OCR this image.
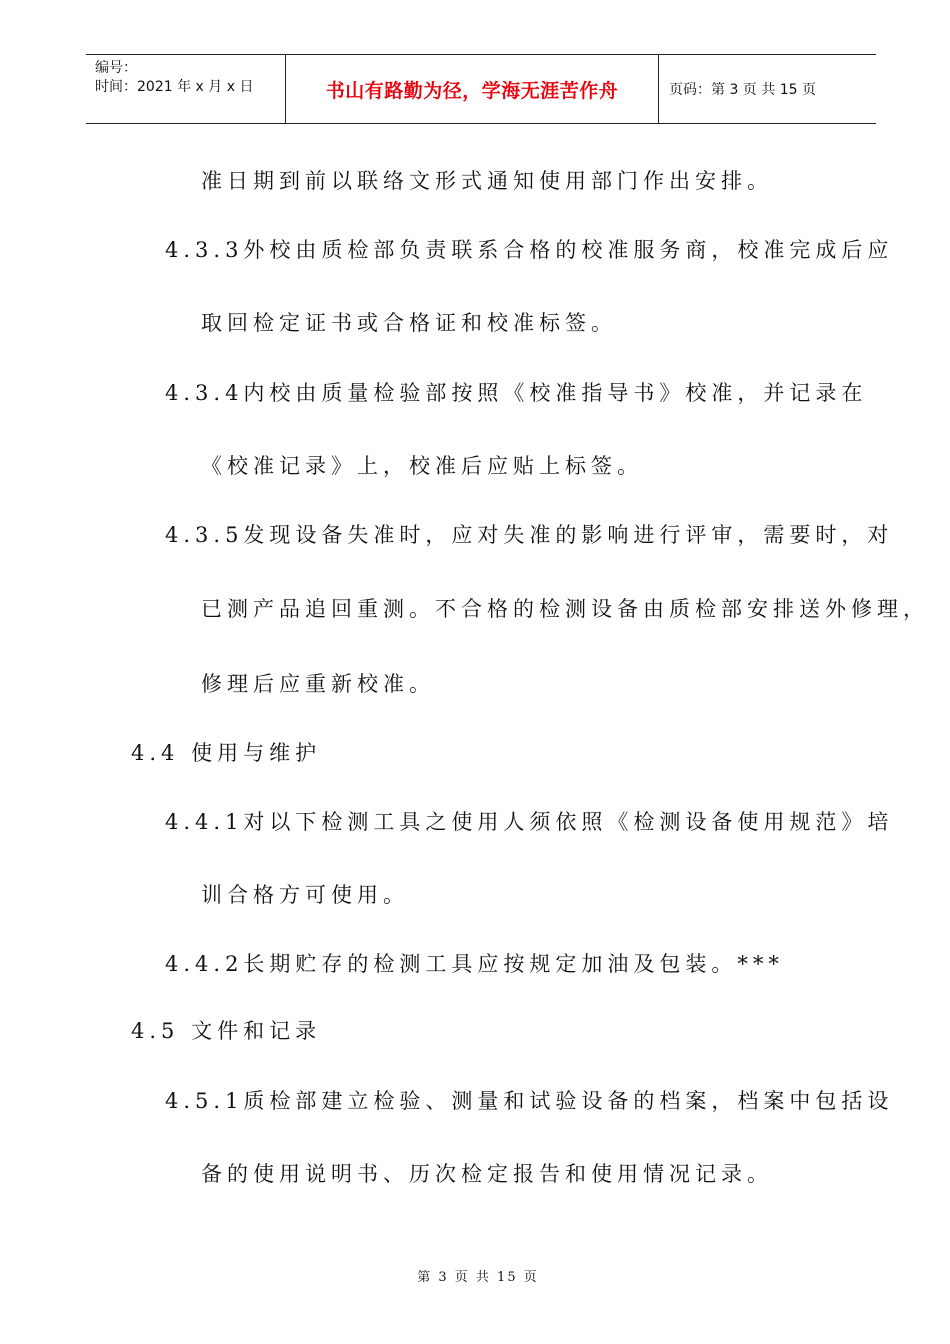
编号：
时间：2021 年 x 月 x 日	书山有路勤为径，学海无涯苦作舟	页码：第 3 页 共 15 页
准日期到前以联络文形式通知使用部门作出安排。
4.3.3外校由质检部负责联系合格的校准服务商，校准完成后应
取回检定证书或合格证和校准标签。
4.3.4内校由质量检验部按照《校准指导书》校准，并记录在
《校准记录》上，校准后应贴上标签。
4.3.5发现设备失准时，应对失准的影响进行评审，需要时，对
已测产品追回重测。不合格的检测设备由质检部安排送外修理，
修理后应重新校准。
4.4 使用与维护
4.4.1对以下检测工具之使用人须依照《检测设备使用规范》培
训合格方可使用。
4.4.2长期贮存的检测工具应按规定加油及包装。***
4.5 文件和记录
4.5.1质检部建立检验、测量和试验设备的档案，档案中包括设
备的使用说明书、历次检定报告和使用情况记录。
第 3 页 共 15 页
